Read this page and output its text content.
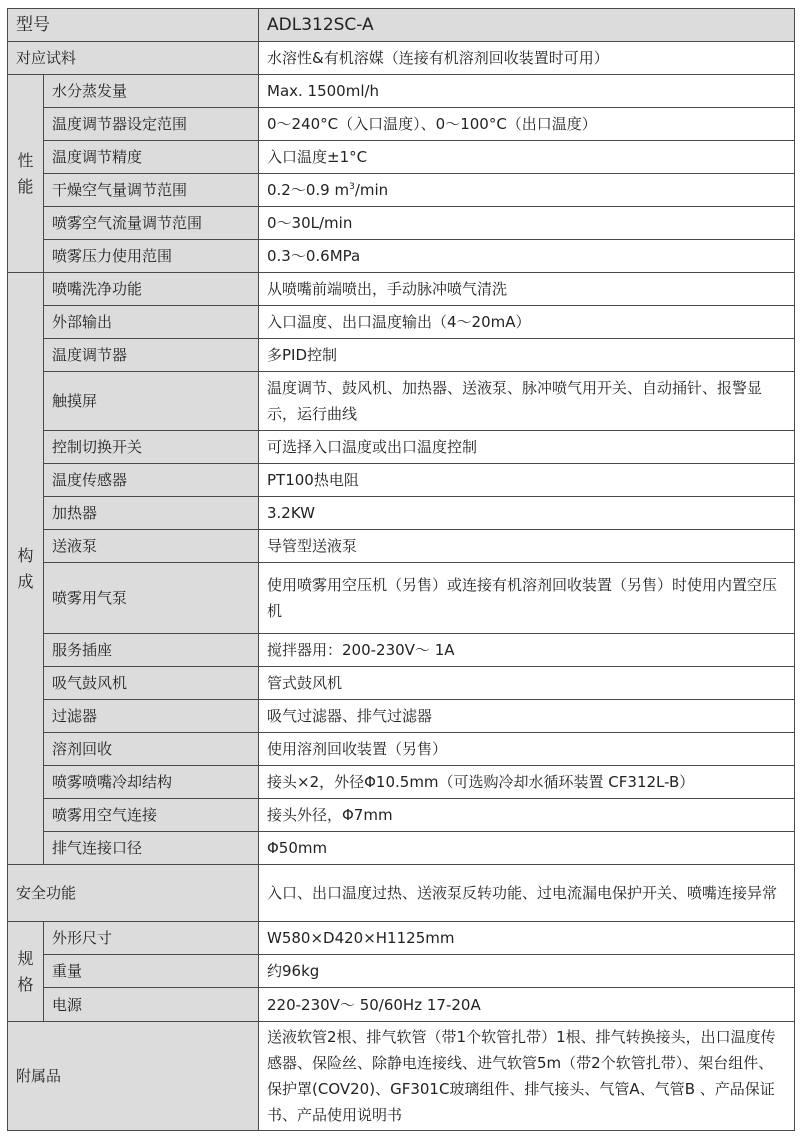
型号		ADL312SC-A
对应试料		水溶性&有机溶媒（连接有机溶剂回收装置时可用）
性能	水分蒸发量	Max. 1500ml/h
	温度调节器设定范围	0～240°C（入口温度）、0～100°C（出口温度）
	温度调节精度	入口温度±1°C
	干燥空气量调节范围	0.2～0.9 $m^3/\min$
	喷雾空气流量调节范围	0～30L/min
	喷雾压力使用范围	0.3～0.6MPa
构成	喷嘴洗净功能	从喷嘴前端喷出，手动脉冲喷气清洗
	外部输出	入口温度、出口温度输出（4～20mA）
	温度调节器	多PID控制
	触摸屏	温度调节、鼓风机、加热器、送液泵、脉冲喷气用开关、自动捅针、报警显示，运行曲线
	控制切换开关	可选择入口温度或出口温度控制
	温度传感器	PT100热电阻
	加热器	3.2KW
	送液泵	导管型送液泵
	喷雾用气泵	使用喷雾用空压机（另售）或连接有机溶剂回收装置（另售）时使用内置空压机
	服务插座	搅拌器用：200-230V～ 1A
	吸气鼓风机	管式鼓风机
	过滤器	吸气过滤器、排气过滤器
	溶剂回收	使用溶剂回收装置（另售）
	喷雾喷嘴冷却结构	接头×2，外径Φ10.5mm（可选购冷却水循环装置 CF312L-B）
	喷雾用空气连接	接头外径，Φ7mm
	排气连接口径	Φ50mm
安全功能		入口、出口温度过热、送液泵反转功能、过电流漏电保护开关、喷嘴连接异常
规格	外形尺寸	W580×D420×H1125mm
	重量	约96kg
	电源	220-230V～ 50/60Hz 17-20A
附属品		送液软管2根、排气软管（带1个软管扎带）1根、排气转换接头，出口温度传感器、保险丝、除静电连接线、进气软管5m（带2个软管扎带）、架台组件、保护罩(COV20)、GF301C玻璃组件、排气接头、气管A、气管B 、产品保证书、产品使用说明书
